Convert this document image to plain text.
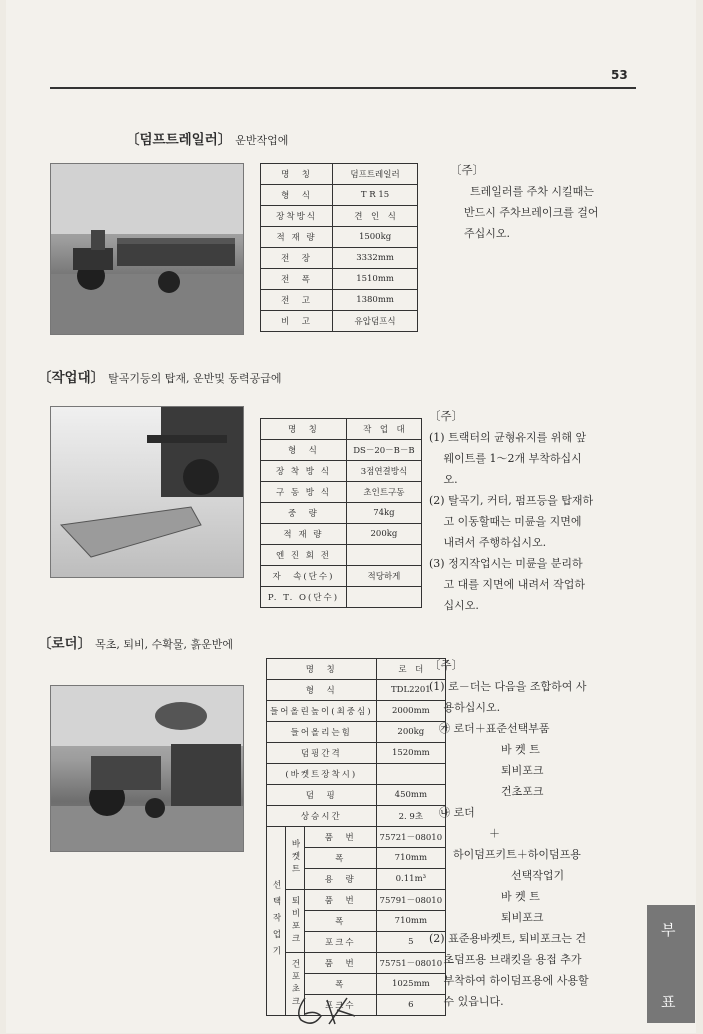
53
〔덤프트레일러〕 운반작업에
명　칭	덤프트레일러
형　식	T R 15
장착방식	견　인　식
적 재 량	1500kg
전　장	3332mm
전　폭	1510mm
전　고	1380mm
비　고	유압덤프식

〔주〕

트레일러를 주차 시킬때는

반드시 주차브레이크를 걸어

주십시오.

〔작업대〕 탈곡기등의 탑재, 운반및 동력공급에
명　칭	작　업　대
형　식	DS－20－B－B
장 착 방 식	3점연결방식
구 동 방 식	초인트구동
중　량	74kg
적 재 량	200kg
엔 진 회 전	
자　속(단수)	적당하게
P. T. O(단수)	

〔주〕

(1) 트랙터의 균형유지를 위해 앞

　 웨이트를 1～2개 부착하십시

　 오.

(2) 탈곡기, 커터, 펌프등을 탑재하

　 고 이동할때는 미륜을 지면에

　 내려서 주행하십시오.

(3) 정지작업시는 미륜을 분리하

　 고 대를 지면에 내려서 작업하

　 십시오.

〔로더〕 목초, 퇴비, 수확물, 흙운반에
명　칭			로　더
형　식			TDL2201
들어올린높이(최중심)			2000mm
들어올리는힘			200kg
덤핑간격			1520mm
(바켓트장착시)			
덤　핑			450mm
상승시간			2. 9초
선택작업기	바켓트	품　번	75721－08010
		폭	710mm
		용　량	0.11m³
	퇴비포크	품　번	75791－08010
		폭	710mm
		포크수	5
	건포초크	품　번	75751－08010
		폭	1025mm
		포크수	6

〔주〕

(1) 로－더는 다음을 조합하여 사

　 용하십시오.

㉮ 로더＋표준선택부품

바 켓 트

퇴비포크

건초포크

㉯ 로더

＋

하이덤프키트＋하이덤프용

선택작업기

바 켓 트

퇴비포크

(2) 표준용바켓트, 퇴비포크는 건

　 초덤프용 브래킷을 용접 추가

　 부착하여 하이덤프용에 사용할

　 수 있읍니다.

부
표
